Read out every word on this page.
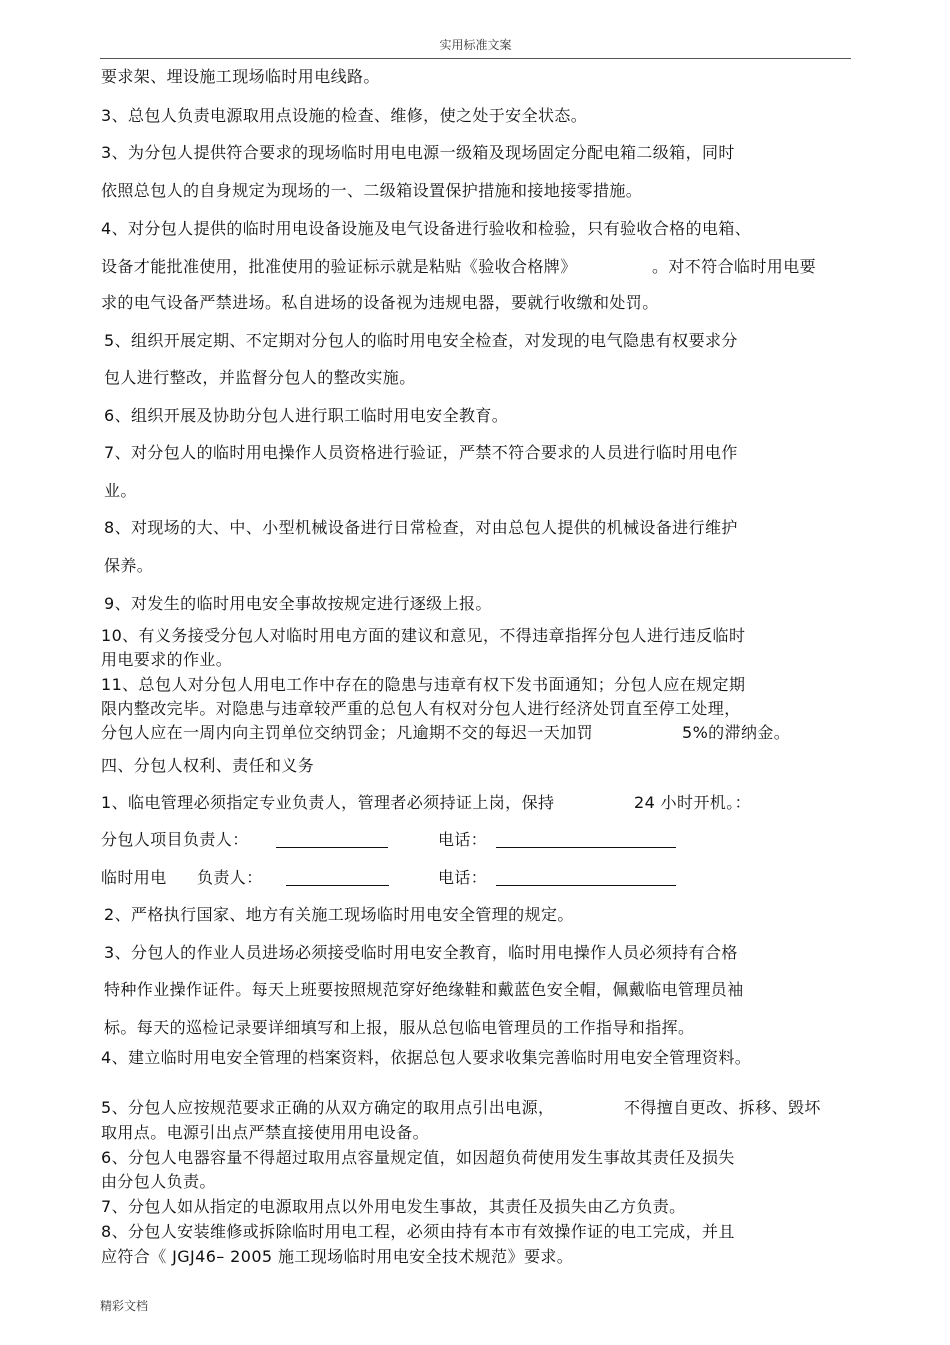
实用标准文案
要求架、埋设施工现场临时用电线路。
3、总包人负责电源取用点设施的检查、维修，使之处于安全状态。
3、为分包人提供符合要求的现场临时用电电源一级箱及现场固定分配电箱二级箱，同时
依照总包人的自身规定为现场的一、二级箱设置保护措施和接地接零措施。
4、对分包人提供的临时用电设备设施及电气设备进行验收和检验，只有验收合格的电箱、
设备才能批准使用，批准使用的验证标示就是粘贴《验收合格牌》	。对不符合临时用电要
求的电气设备严禁进场。私自进场的设备视为违规电器，要就行收缴和处罚。
5、组织开展定期、不定期对分包人的临时用电安全检查，对发现的电气隐患有权要求分
包人进行整改，并监督分包人的整改实施。
6、组织开展及协助分包人进行职工临时用电安全教育。
7、对分包人的临时用电操作人员资格进行验证，严禁不符合要求的人员进行临时用电作
业。
8、对现场的大、中、小型机械设备进行日常检查，对由总包人提供的机械设备进行维护
保养。
9、对发生的临时用电安全事故按规定进行逐级上报。
10、有义务接受分包人对临时用电方面的建议和意见，不得违章指挥分包人进行违反临时
用电要求的作业。
11、总包人对分包人用电工作中存在的隐患与违章有权下发书面通知；分包人应在规定期
限内整改完毕。对隐患与违章较严重的总包人有权对分包人进行经济处罚直至停工处理，
分包人应在一周内向主罚单位交纳罚金；凡逾期不交的每迟一天加罚	5%的滞纳金。
四、分包人权利、责任和义务
1、临电管理必须指定专业负责人，管理者必须持证上岗，保持	24 小时开机。：
分包人项目负责人：	电话：
临时用电 负责人：	电话：
2、严格执行国家、地方有关施工现场临时用电安全管理的规定。
3、分包人的作业人员进场必须接受临时用电安全教育，临时用电操作人员必须持有合格
特种作业操作证件。每天上班要按照规范穿好绝缘鞋和戴蓝色安全帽，佩戴临电管理员袖
标。每天的巡检记录要详细填写和上报，服从总包临电管理员的工作指导和指挥。
4、建立临时用电安全管理的档案资料，依据总包人要求收集完善临时用电安全管理资料。
5、分包人应按规范要求正确的从双方确定的取用点引出电源，	不得擅自更改、拆移、毁坏
取用点。电源引出点严禁直接使用用电设备。
6、分包人电器容量不得超过取用点容量规定值，如因超负荷使用发生事故其责任及损失
由分包人负责。
7、分包人如从指定的电源取用点以外用电发生事故，其责任及损失由乙方负责。
8、分包人安装维修或拆除临时用电工程，必须由持有本市有效操作证的电工完成，并且
应符合《 JGJ46– 2005 施工现场临时用电安全技术规范》要求。
精彩文档
